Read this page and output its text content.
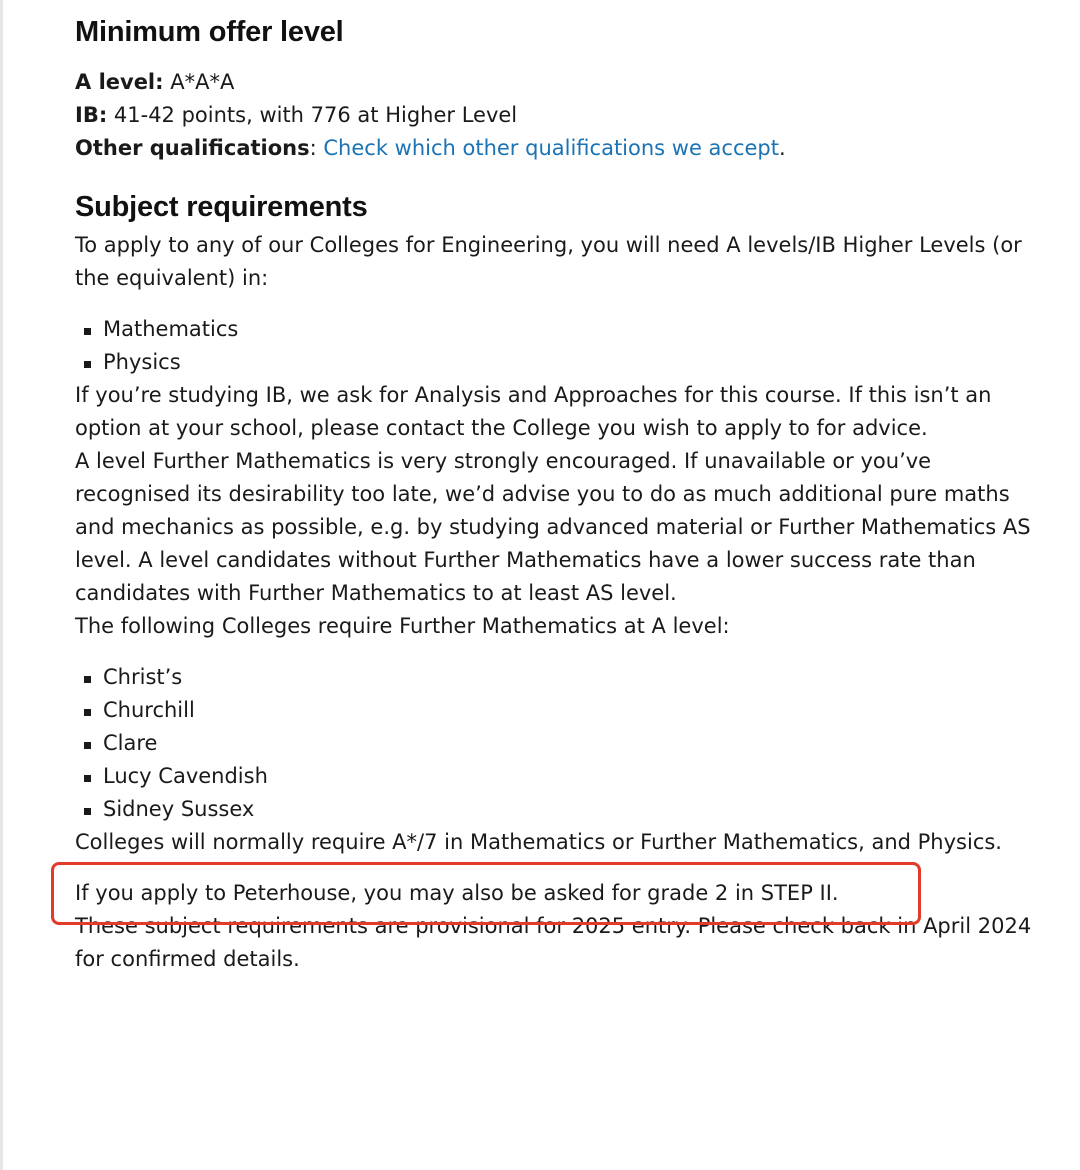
Minimum offer level
A level: A*A*A
IB: 41-42 points, with 776 at Higher Level
Other qualifications: Check which other qualifications we accept.
Subject requirements

To apply to any of our Colleges for Engineering, you will need A levels/IB Higher Levels (or the equivalent) in:

Mathematics
Physics

If you’re studying IB, we ask for Analysis and Approaches for this course. If this isn’t an option at your school, please contact the College you wish to apply to for advice.

A level Further Mathematics is very strongly encouraged. If unavailable or you’ve recognised its desirability too late, we’d advise you to do as much additional pure maths and mechanics as possible, e.g. by studying advanced material or Further Mathematics AS level. A level candidates without Further Mathematics have a lower success rate than candidates with Further Mathematics to at least AS level.

The following Colleges require Further Mathematics at A level:

Christ’s
Churchill
Clare
Lucy Cavendish
Sidney Sussex

Colleges will normally require A*/7 in Mathematics or Further Mathematics, and Physics.

If you apply to Peterhouse, you may also be asked for grade 2 in STEP II.

These subject requirements are provisional for 2025 entry. Please check back in April 2024 for confirmed details.
